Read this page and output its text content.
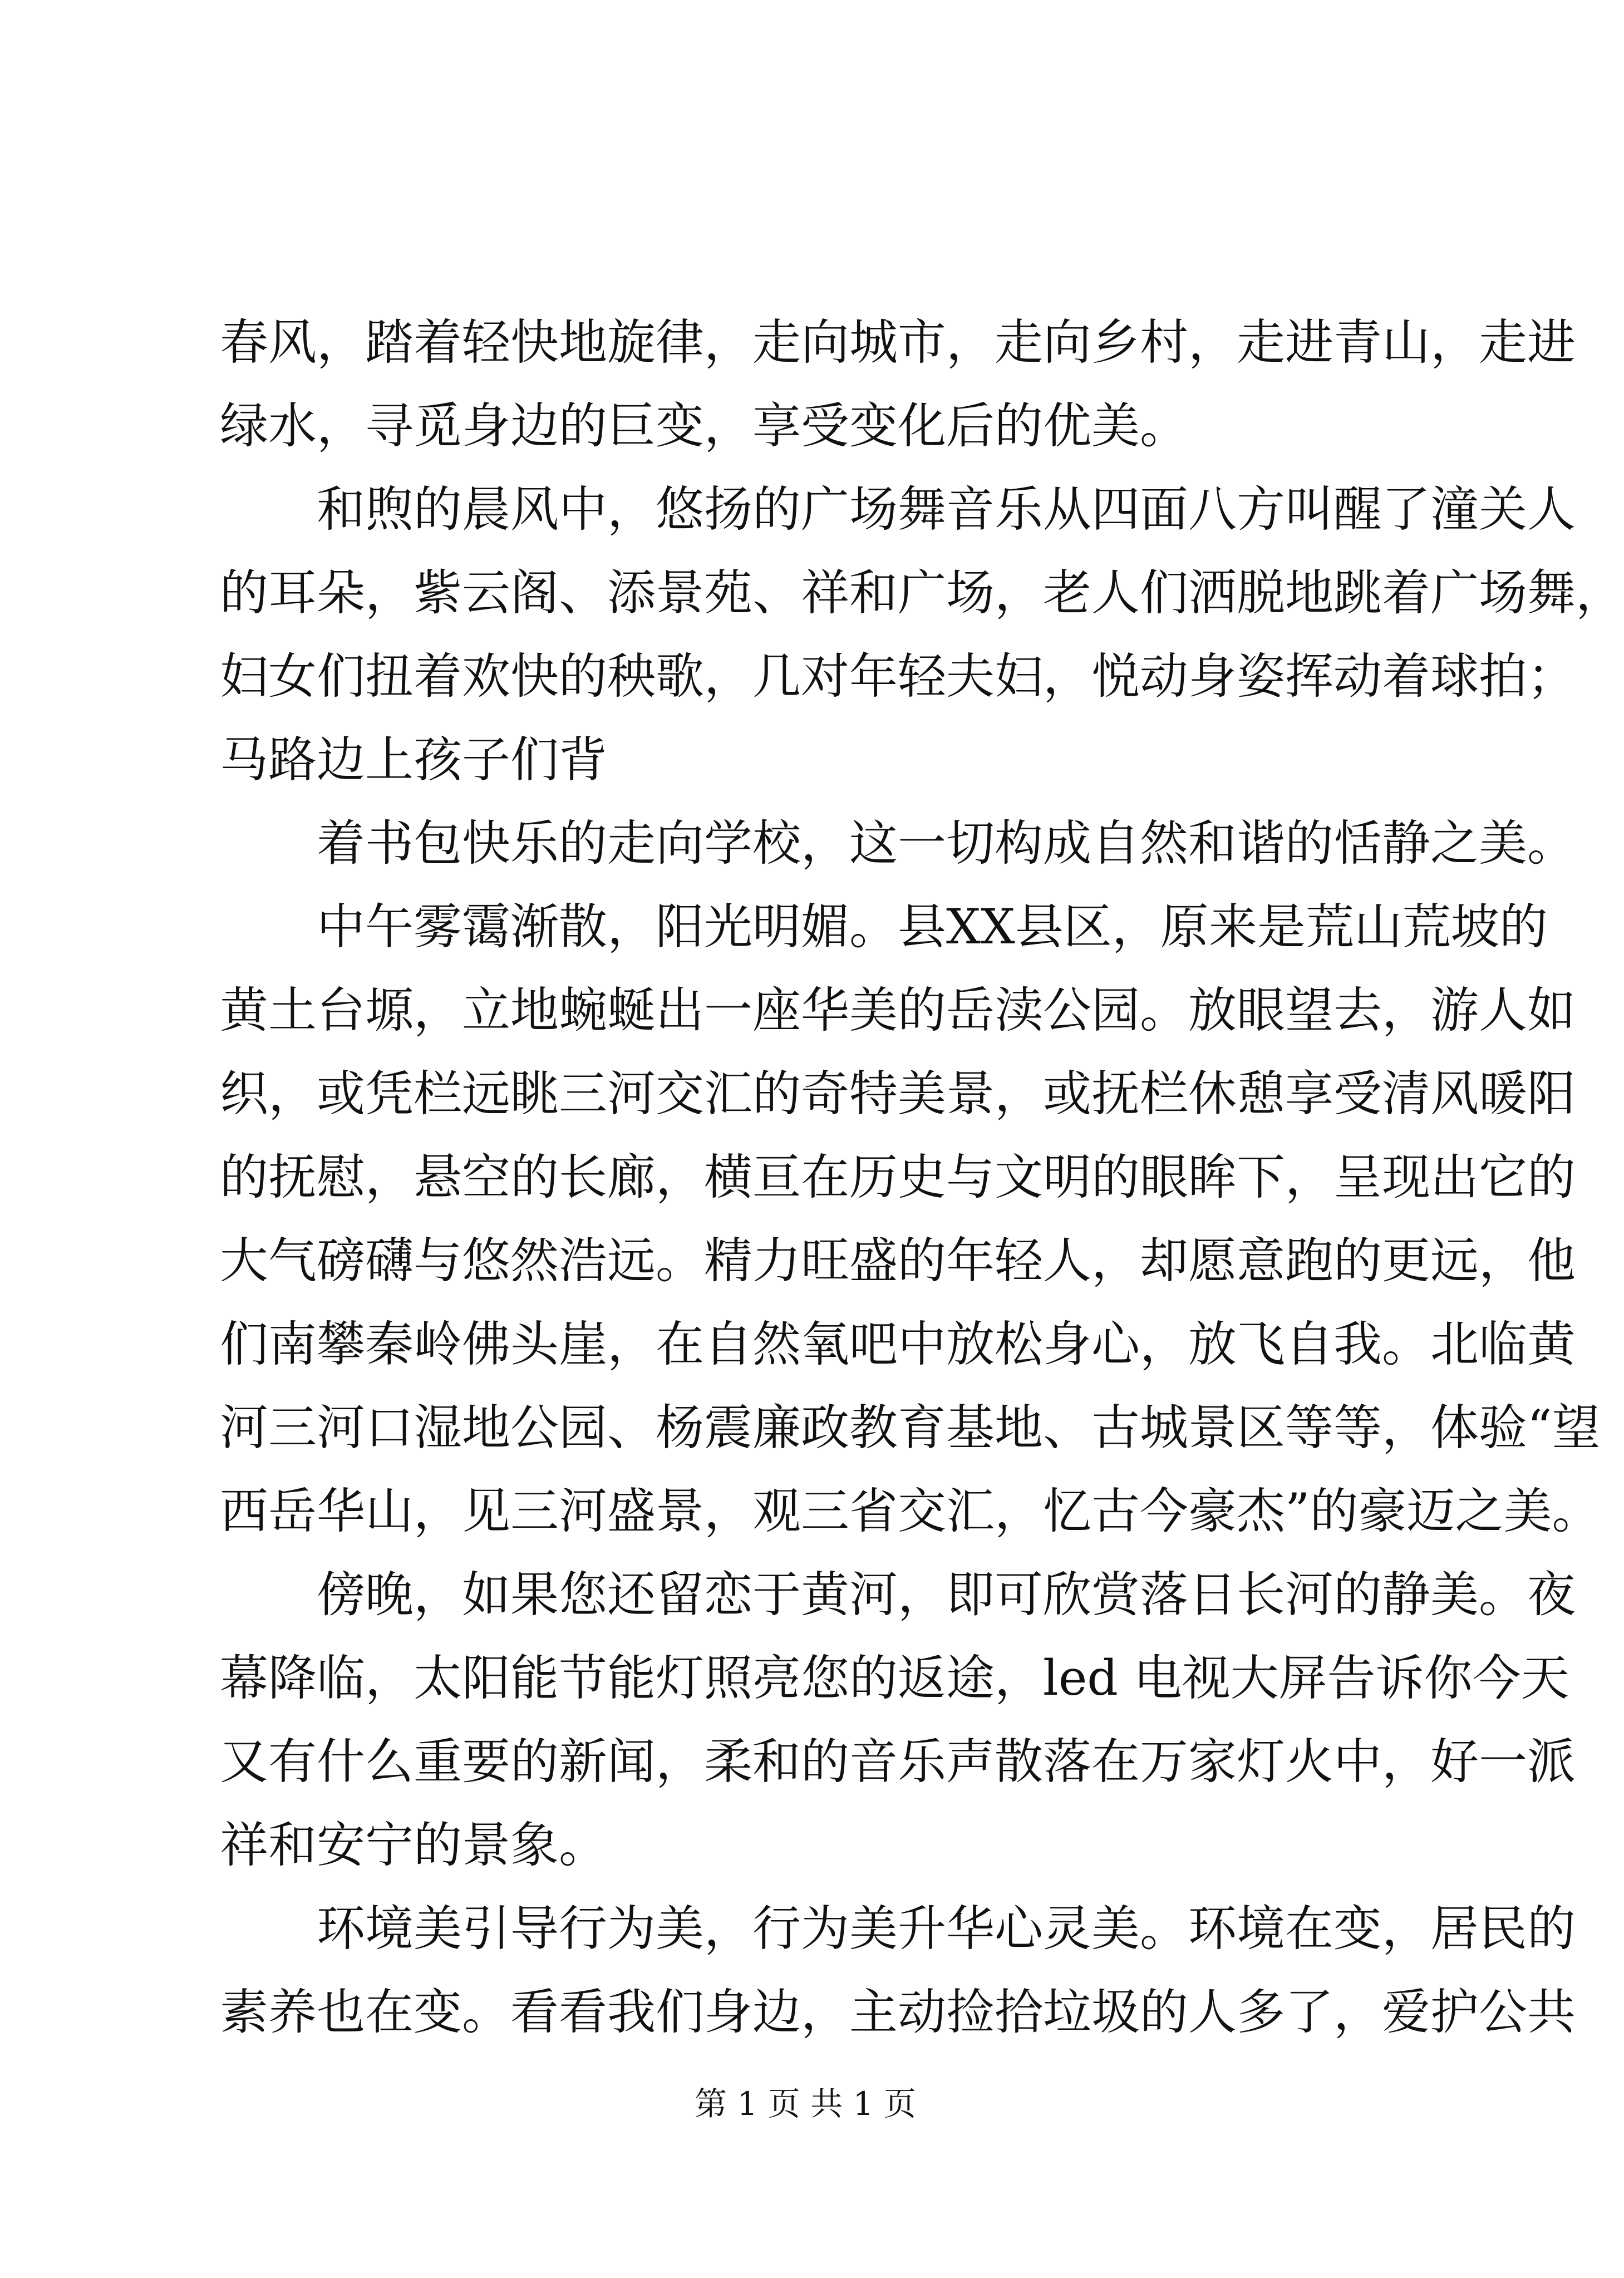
春风，踏着轻快地旋律，走向城市，走向乡村，走进青山，走进
绿水，寻觅身边的巨变，享受变化后的优美。
和煦的晨风中，悠扬的广场舞音乐从四面八方叫醒了潼关人
的耳朵，紫云阁、添景苑、祥和广场，老人们洒脱地跳着广场舞，
妇女们扭着欢快的秧歌，几对年轻夫妇，悦动身姿挥动着球拍；
马路边上孩子们背
着书包快乐的走向学校，这一切构成自然和谐的恬静之美。
中午雾霭渐散，阳光明媚。县XX县区，原来是荒山荒坡的
黄土台塬，立地蜿蜒出一座华美的岳渎公园。放眼望去，游人如
织，或凭栏远眺三河交汇的奇特美景，或抚栏休憩享受清风暖阳
的抚慰，悬空的长廊，横亘在历史与文明的眼眸下，呈现出它的
大气磅礴与悠然浩远。精力旺盛的年轻人，却愿意跑的更远，他
们南攀秦岭佛头崖，在自然氧吧中放松身心，放飞自我。北临黄
河三河口湿地公园、杨震廉政教育基地、古城景区等等，体验“望
西岳华山，见三河盛景，观三省交汇，忆古今豪杰”的豪迈之美。
傍晚，如果您还留恋于黄河，即可欣赏落日长河的静美。夜
幕降临，太阳能节能灯照亮您的返途，led 电视大屏告诉你今天
又有什么重要的新闻，柔和的音乐声散落在万家灯火中，好一派
祥和安宁的景象。
环境美引导行为美，行为美升华心灵美。环境在变，居民的
素养也在变。看看我们身边，主动捡拾垃圾的人多了，爱护公共
第 1 页 共 1 页
